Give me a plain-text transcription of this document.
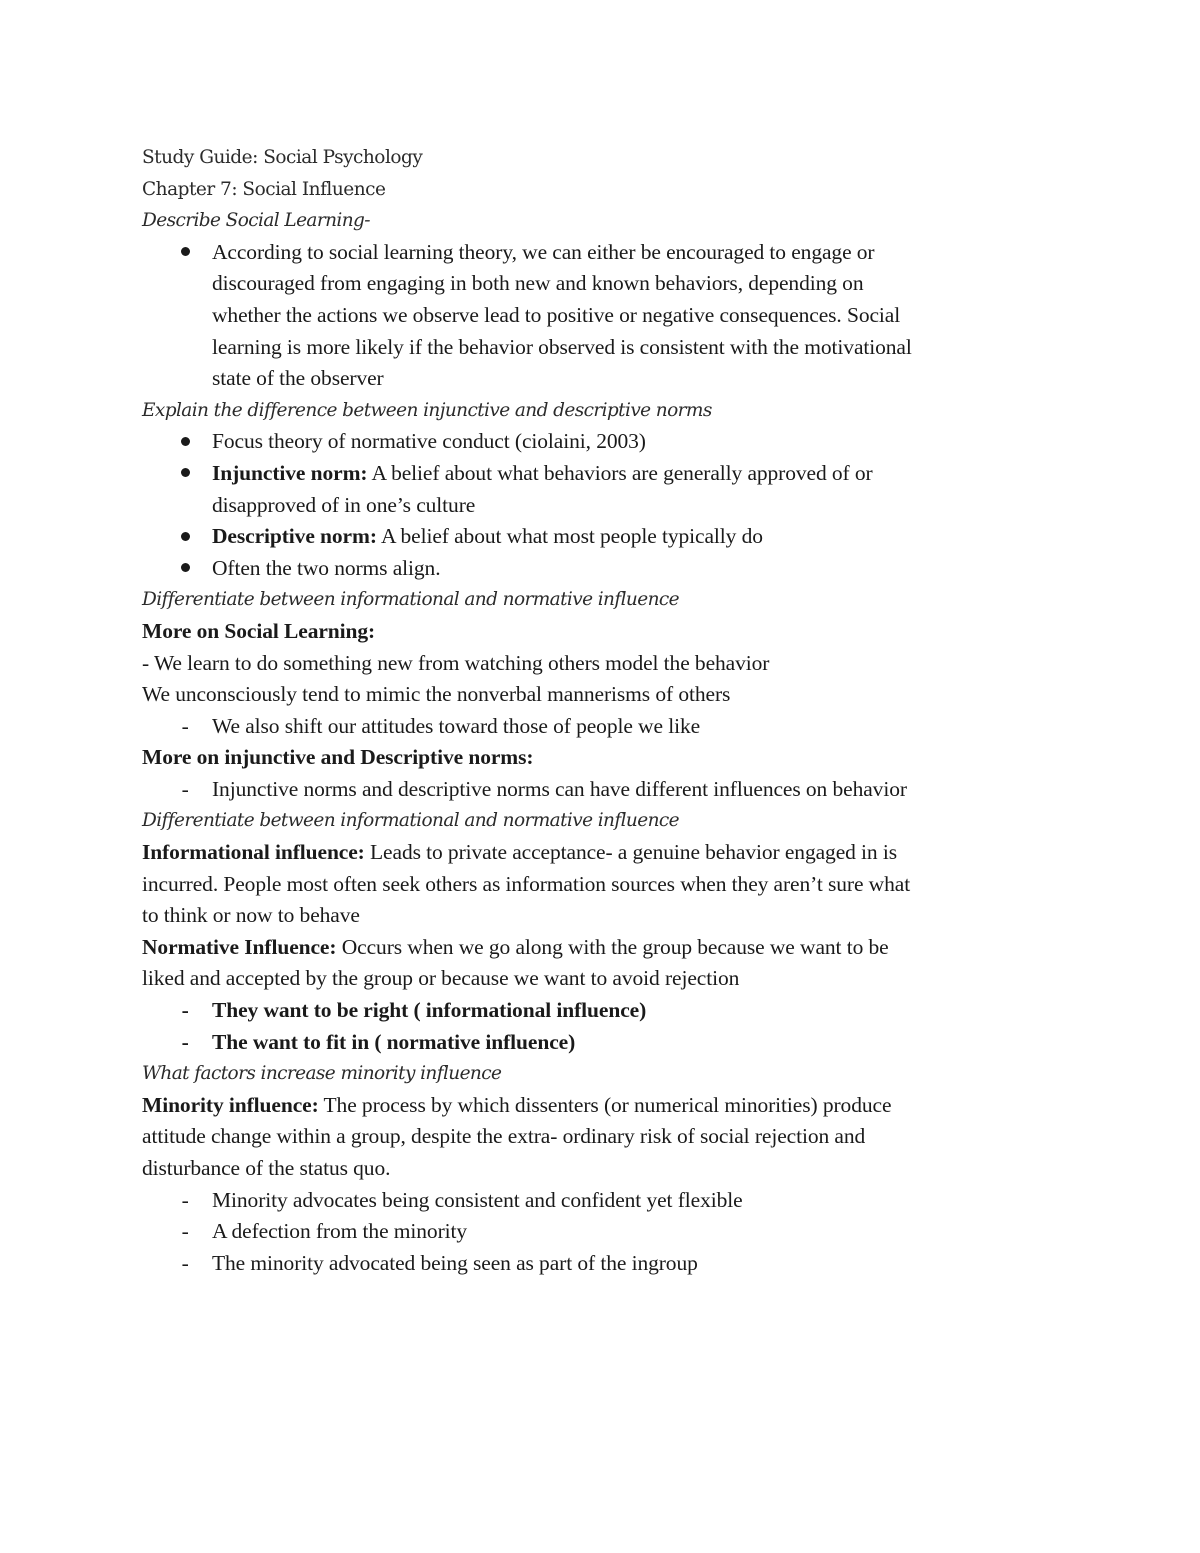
Study Guide: Social Psychology
Chapter 7: Social Influence
Describe Social Learning-
According to social learning theory, we can either be encouraged to engage or
discouraged from engaging in both new and known behaviors, depending on
whether the actions we observe lead to positive or negative consequences. Social
learning is more likely if the behavior observed is consistent with the motivational
state of the observer
Explain the difference between injunctive and descriptive norms
Focus theory of normative conduct (ciolaini, 2003)
Injunctive norm: A belief about what behaviors are generally approved of or
disapproved of in one’s culture
Descriptive norm: A belief about what most people typically do
Often the two norms align.
Differentiate between informational and normative influence
More on Social Learning:
- We learn to do something new from watching others model the behavior
We unconsciously tend to mimic the nonverbal mannerisms of others
-	We also shift our attitudes toward those of people we like
More on injunctive and Descriptive norms:
-	Injunctive norms and descriptive norms can have different influences on behavior
Differentiate between informational and normative influence
Informational influence: Leads to private acceptance- a genuine behavior engaged in is
incurred. People most often seek others as information sources when they aren’t sure what
to think or now to behave
Normative Influence: Occurs when we go along with the group because we want to be
liked and accepted by the group or because we want to avoid rejection
-	They want to be right ( informational influence)
-	The want to fit in ( normative influence)
What factors increase minority influence
Minority influence: The process by which dissenters (or numerical minorities) produce
attitude change within a group, despite the extra- ordinary risk of social rejection and
disturbance of the status quo.
-	Minority advocates being consistent and confident yet flexible
-	A defection from the minority
-	The minority advocated being seen as part of the ingroup
